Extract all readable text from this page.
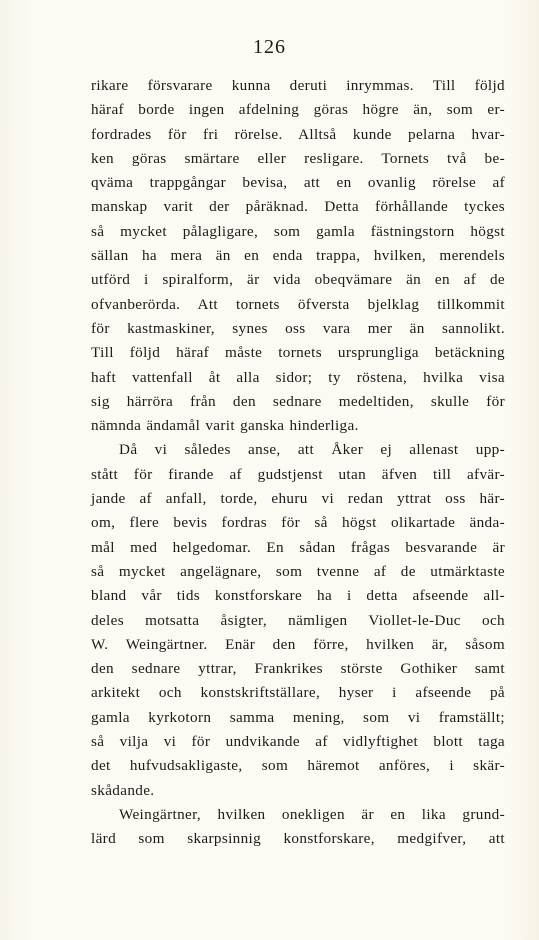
126
rikare försvarare kunna deruti inrymmas. Till följd
häraf borde ingen afdelning göras högre än, som er-
fordrades för fri rörelse. Alltså kunde pelarna hvar-
ken göras smärtare eller resligare. Tornets två be-
qväma trappgångar bevisa, att en ovanlig rörelse af
manskap varit der påräknad. Detta förhållande tyckes
så mycket pålagligare, som gamla fästningstorn högst
sällan ha mera än en enda trappa, hvilken, merendels
utförd i spiralform, är vida obeqvämare än en af de
ofvanberörda. Att tornets öfversta bjelklag tillkommit
för kastmaskiner, synes oss vara mer än sannolikt.
Till följd häraf måste tornets ursprungliga betäckning
haft vattenfall åt alla sidor; ty röstena, hvilka visa
sig härröra från den sednare medeltiden, skulle för
nämnda ändamål varit ganska hinderliga.
Då vi således anse, att Åker ej allenast upp-
stått för firande af gudstjenst utan äfven till afvär-
jande af anfall, torde, ehuru vi redan yttrat oss här-
om, flere bevis fordras för så högst olikartade ända-
mål med helgedomar. En sådan frågas besvarande är
så mycket angelägnare, som tvenne af de utmärktaste
bland vår tids konstforskare ha i detta afseende all-
deles motsatta åsigter, nämligen Viollet-le-Duc och
W. Weingärtner. Enär den förre, hvilken är, såsom
den sednare yttrar, Frankrikes störste Gothiker samt
arkitekt och konstskriftställare, hyser i afseende på
gamla kyrkotorn samma mening, som vi framställt;
så vilja vi för undvikande af vidlyftighet blott taga
det hufvudsakligaste, som häremot anföres, i skär-
skådande.
Weingärtner, hvilken onekligen är en lika grund-
lärd som skarpsinnig konstforskare, medgifver, att
